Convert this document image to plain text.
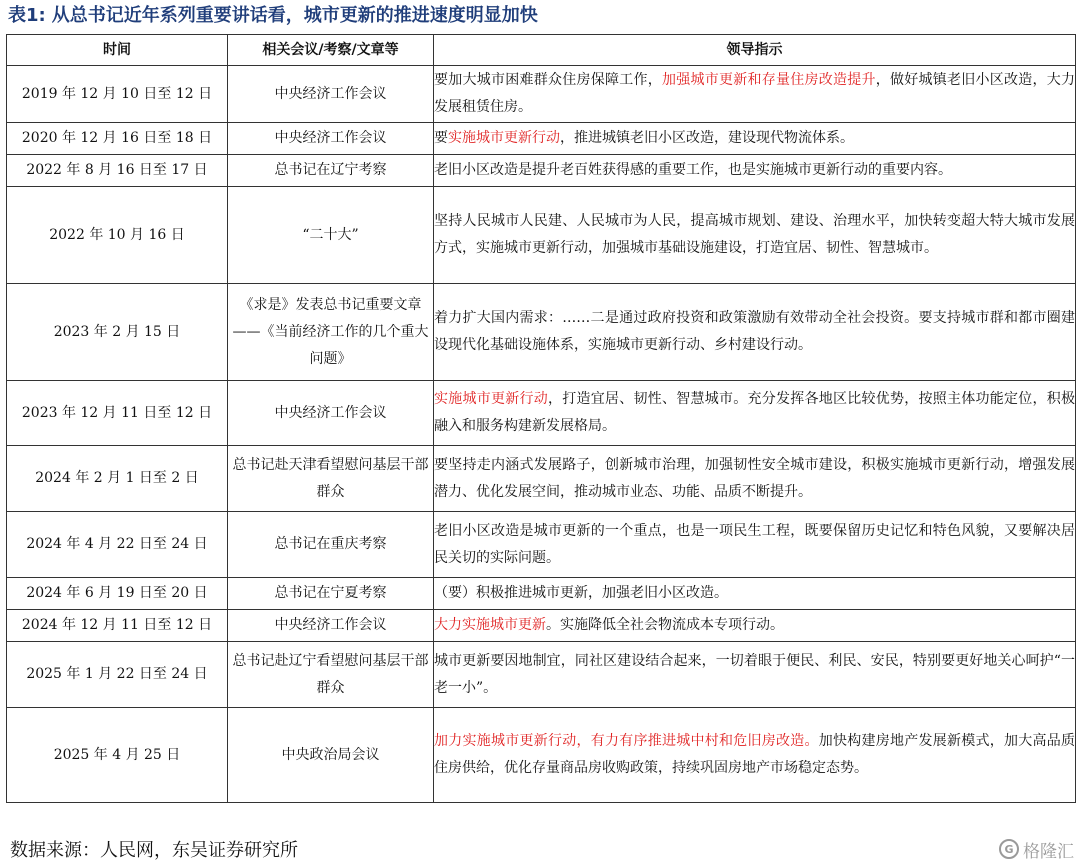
表1: 从总书记近年系列重要讲话看，城市更新的推进速度明显加快
时间	相关会议/考察/文章等	领导指示
2019 年 12 月 10 日至 12 日	中央经济工作会议	要加大城市困难群众住房保障工作，加强城市更新和存量住房改造提升，做好城镇老旧小区改造，大力发展租赁住房。
2020 年 12 月 16 日至 18 日	中央经济工作会议	要实施城市更新行动，推进城镇老旧小区改造，建设现代物流体系。
2022 年 8 月 16 日至 17 日	总书记在辽宁考察	老旧小区改造是提升老百姓获得感的重要工作，也是实施城市更新行动的重要内容。
2022 年 10 月 16 日	“二十大”	坚持人民城市人民建、人民城市为人民，提高城市规划、建设、治理水平，加快转变超大特大城市发展方式，实施城市更新行动，加强城市基础设施建设，打造宜居、韧性、智慧城市。
2023 年 2 月 15 日	《求是》发表总书记重要文章——《当前经济工作的几个重大问题》	着力扩大国内需求：……二是通过政府投资和政策激励有效带动全社会投资。要支持城市群和都市圈建设现代化基础设施体系，实施城市更新行动、乡村建设行动。
2023 年 12 月 11 日至 12 日	中央经济工作会议	实施城市更新行动，打造宜居、韧性、智慧城市。充分发挥各地区比较优势，按照主体功能定位，积极融入和服务构建新发展格局。
2024 年 2 月 1 日至 2 日	总书记赴天津看望慰问基层干部群众	要坚持走内涵式发展路子，创新城市治理，加强韧性安全城市建设，积极实施城市更新行动，增强发展潜力、优化发展空间，推动城市业态、功能、品质不断提升。
2024 年 4 月 22 日至 24 日	总书记在重庆考察	老旧小区改造是城市更新的一个重点，也是一项民生工程，既要保留历史记忆和特色风貌，又要解决居民关切的实际问题。
2024 年 6 月 19 日至 20 日	总书记在宁夏考察	（要）积极推进城市更新，加强老旧小区改造。
2024 年 12 月 11 日至 12 日	中央经济工作会议	大力实施城市更新。实施降低全社会物流成本专项行动。
2025 年 1 月 22 日至 24 日	总书记赴辽宁看望慰问基层干部群众	城市更新要因地制宜，同社区建设结合起来，一切着眼于便民、利民、安民，特别要更好地关心呵护“一老一小”。
2025 年 4 月 25 日	中央政治局会议	加力实施城市更新行动，有力有序推进城中村和危旧房改造。加快构建房地产发展新模式，加大高品质住房供给，优化存量商品房收购政策，持续巩固房地产市场稳定态势。
数据来源：人民网，东吴证券研究所	G 格隆汇
